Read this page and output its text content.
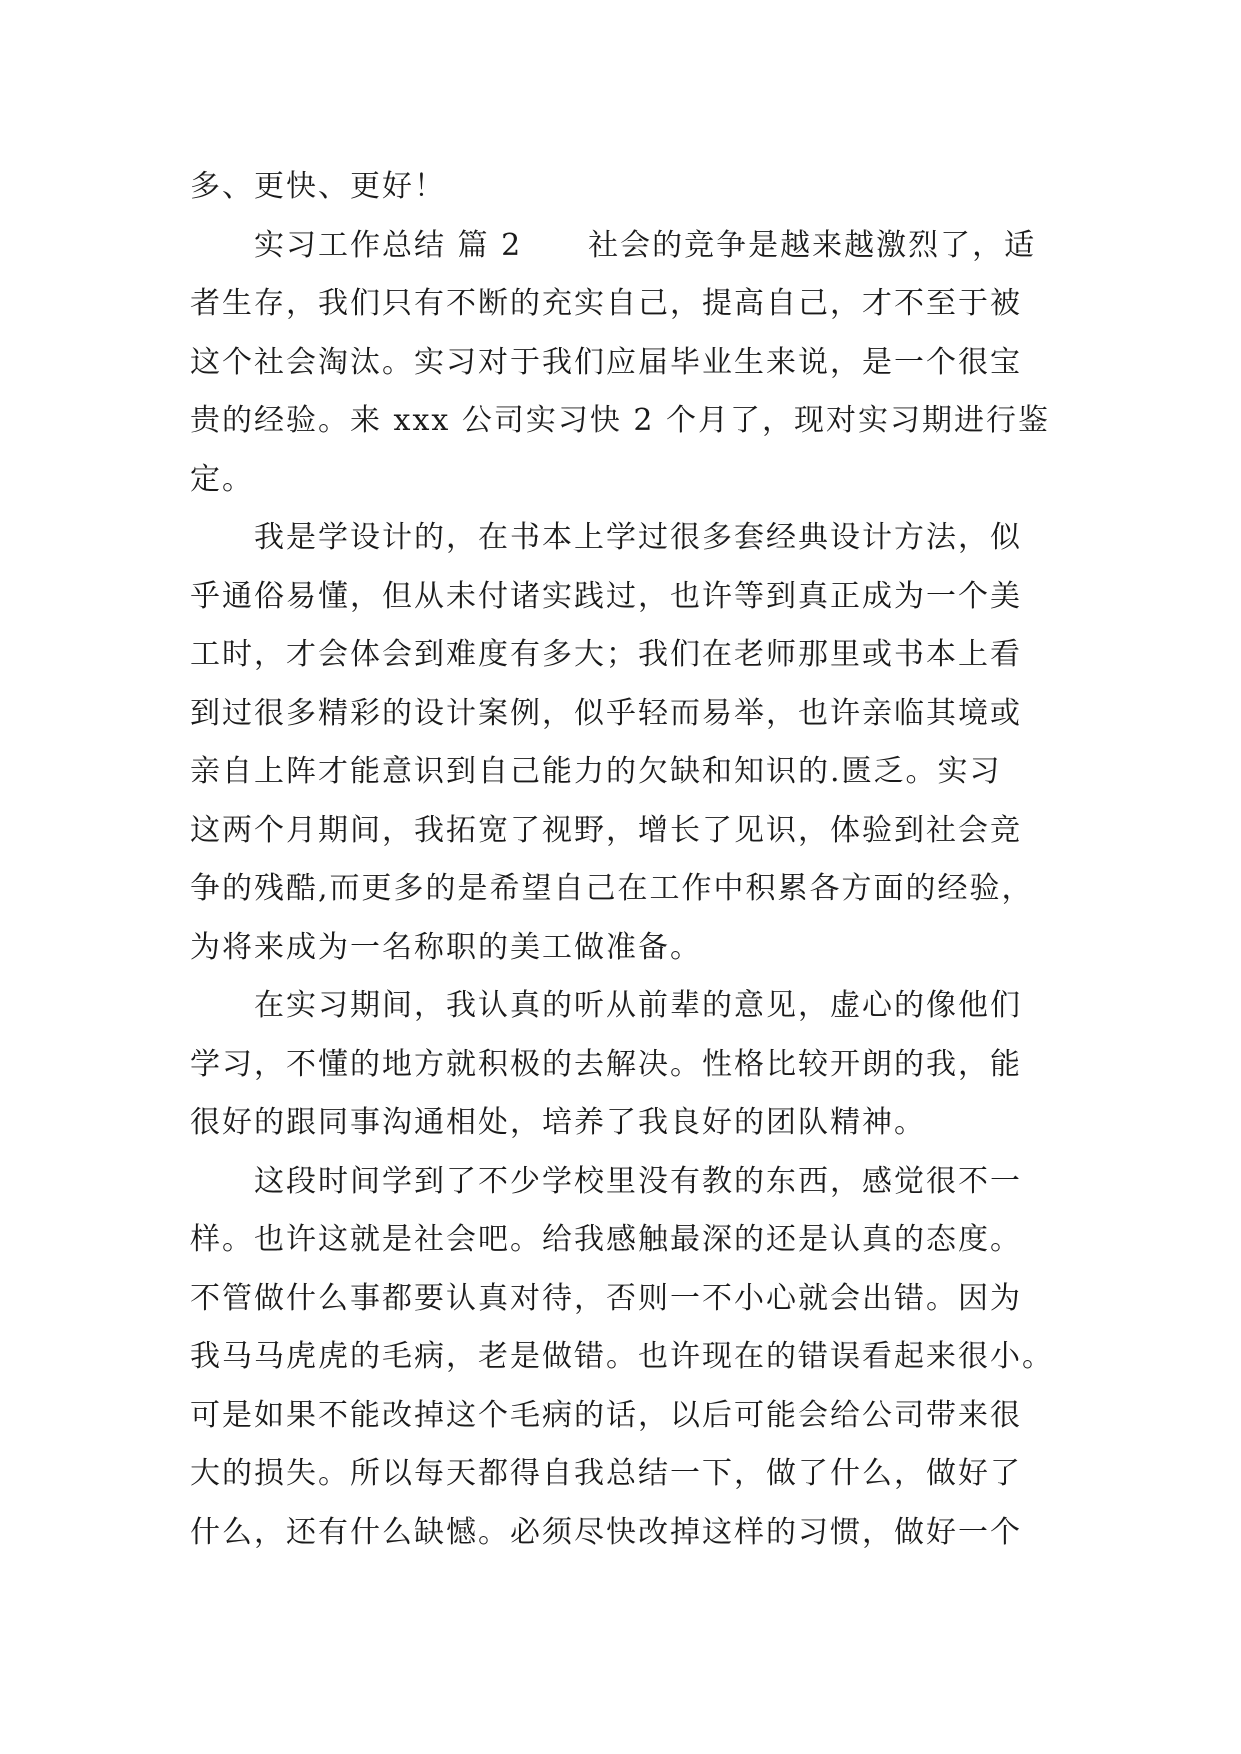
多、更快、更好！
实习工作总结 篇 2 社会的竞争是越来越激烈了，适
者生存，我们只有不断的充实自己，提高自己，才不至于被
这个社会淘汰。实习对于我们应届毕业生来说，是一个很宝
贵的经验。来 xxx 公司实习快 2 个月了，现对实习期进行鉴
定。
我是学设计的，在书本上学过很多套经典设计方法，似
乎通俗易懂，但从未付诸实践过，也许等到真正成为一个美
工时，才会体会到难度有多大；我们在老师那里或书本上看
到过很多精彩的设计案例，似乎轻而易举，也许亲临其境或
亲自上阵才能意识到自己能力的欠缺和知识的.匮乏。实习
这两个月期间，我拓宽了视野，增长了见识，体验到社会竞
争的残酷,而更多的是希望自己在工作中积累各方面的经验，
为将来成为一名称职的美工做准备。
在实习期间，我认真的听从前辈的意见，虚心的像他们
学习，不懂的地方就积极的去解决。性格比较开朗的我，能
很好的跟同事沟通相处，培养了我良好的团队精神。
这段时间学到了不少学校里没有教的东西，感觉很不一
样。也许这就是社会吧。给我感触最深的还是认真的态度。
不管做什么事都要认真对待，否则一不小心就会出错。因为
我马马虎虎的毛病，老是做错。也许现在的错误看起来很小。
可是如果不能改掉这个毛病的话，以后可能会给公司带来很
大的损失。所以每天都得自我总结一下，做了什么，做好了
什么，还有什么缺憾。必须尽快改掉这样的习惯，做好一个
